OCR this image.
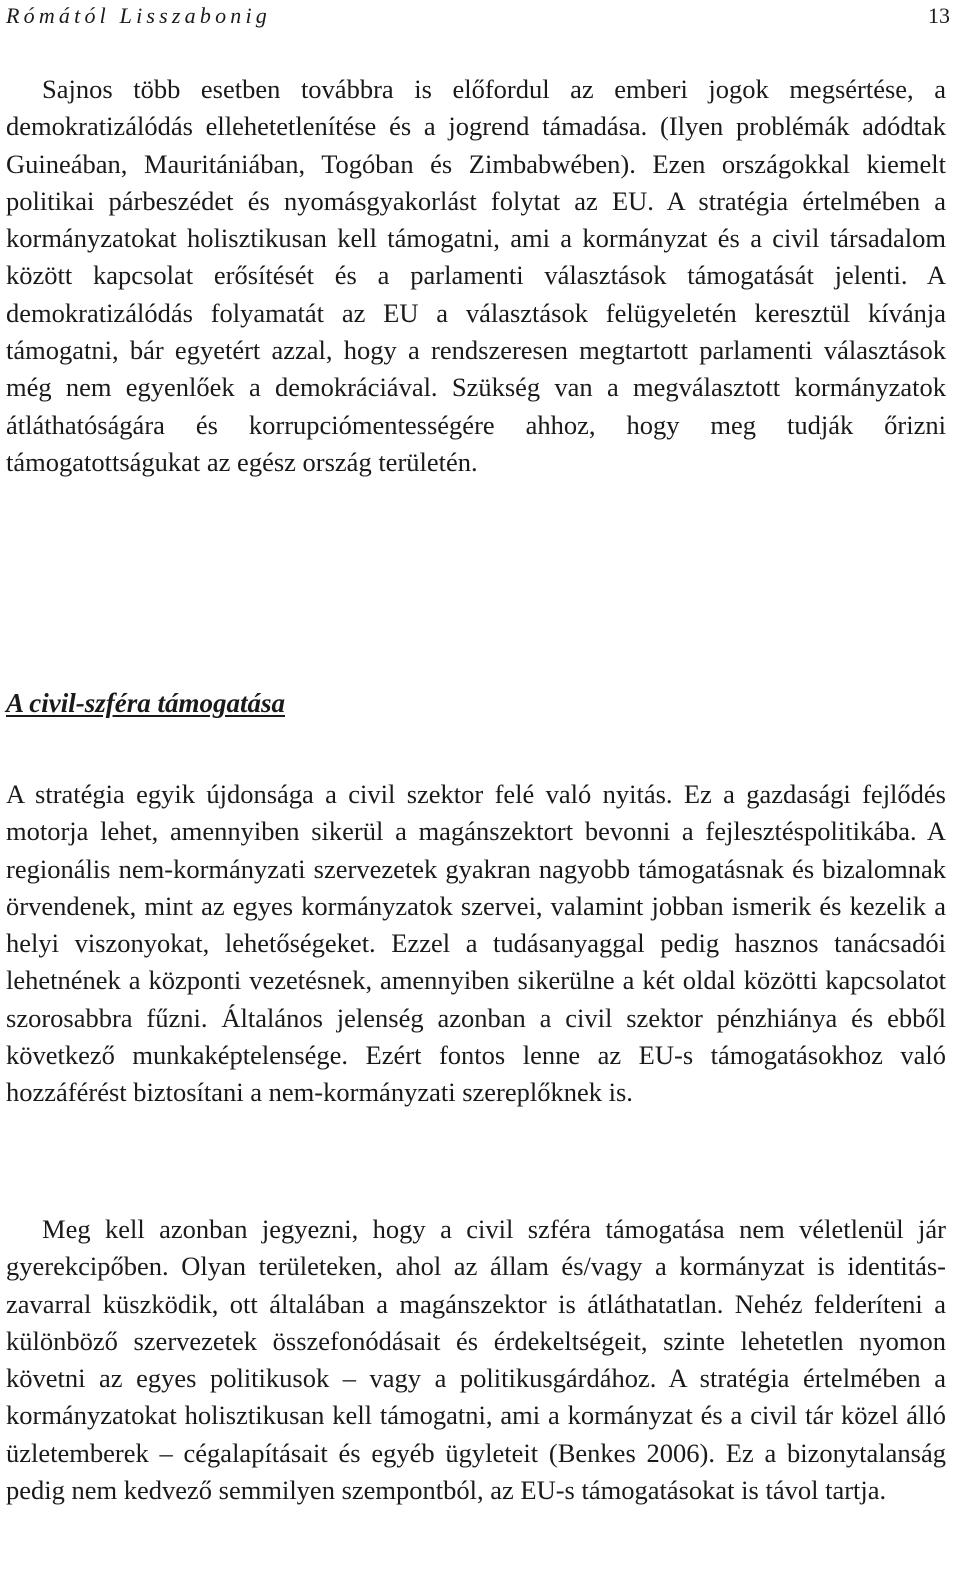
Rómától Lisszabonig	13

Sajnos több esetben továbbra is előfordul az emberi jogok megsértése, a demokratizálódás ellehetetlenítése és a jogrend támadása. (Ilyen problémák adódtak Guineában, Mauritániában, Togóban és Zimbabwében). Ezen országokkal kiemelt politikai párbeszédet és nyomásgyakorlást folytat az EU. A stratégia értelmében a kormányzatokat holisztikusan kell támogatni, ami a kormányzat és a civil társadalom között kapcsolat erősítését és a parlamenti választások támogatását jelenti. A demokratizálódás folyamatát az EU a választások felügyeletén keresztül kívánja támogatni, bár egyetért azzal, hogy a rendszeresen megtartott parlamenti választások még nem egyenlőek a demokráciával. Szükség van a megválasztott kormányzatok átláthatóságára és korrupciómentességére ahhoz, hogy meg tudják őrizni támogatottságukat az egész ország területén.

A civil-szféra támogatása

A stratégia egyik újdonsága a civil szektor felé való nyitás. Ez a gazdasági fejlődés motorja lehet, amennyiben sikerül a magánszektort bevonni a fejlesztéspolitikába. A regionális nem-kormányzati szervezetek gyakran nagyobb támogatásnak és bizalomnak örvendenek, mint az egyes kormányzatok szervei, valamint jobban ismerik és kezelik a helyi viszonyokat, lehetőségeket. Ezzel a tudásanyaggal pedig hasznos tanácsadói lehetnének a központi vezetésnek, amennyiben sikerülne a két oldal közötti kapcsolatot szorosabbra fűzni. Általános jelenség azonban a civil szektor pénzhiánya és ebből következő munkaképtelensége. Ezért fontos lenne az EU-s támogatásokhoz való hozzáférést biztosítani a nem-kormányzati szereplőknek is.

Meg kell azonban jegyezni, hogy a civil szféra támogatása nem véletlenül jár gyerekcipőben. Olyan területeken, ahol az állam és/vagy a kormányzat is identitás-zavarral küszködik, ott általában a magánszektor is átláthatatlan. Nehéz felderíteni a különböző szervezetek összefonódásait és érdekeltségeit, szinte lehetetlen nyomon követni az egyes politikusok – vagy a politikusgárdához. A stratégia értelmében a kormányzatokat holisztikusan kell támogatni, ami a kormányzat és a civil tár közel álló üzletemberek – cégalapításait és egyéb ügyleteit (Benkes 2006). Ez a bizonytalanság pedig nem kedvező semmilyen szempontból, az EU-s támogatásokat is távol tartja.
